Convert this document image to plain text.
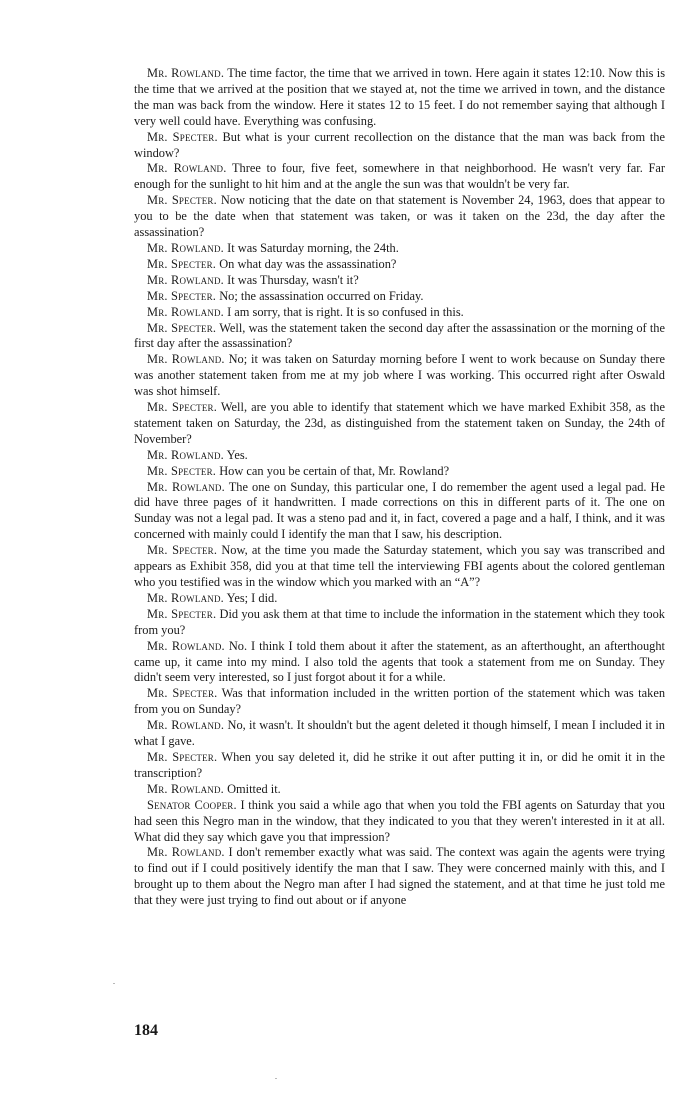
Mr. Rowland. The time factor, the time that we arrived in town. Here again it states 12:10. Now this is the time that we arrived at the position that we stayed at, not the time we arrived in town, and the distance the man was back from the window. Here it states 12 to 15 feet. I do not remember saying that although I very well could have. Everything was confusing.

Mr. Specter. But what is your current recollection on the distance that the man was back from the window?

Mr. Rowland. Three to four, five feet, somewhere in that neighborhood. He wasn't very far. Far enough for the sunlight to hit him and at the angle the sun was that wouldn't be very far.

Mr. Specter. Now noticing that the date on that statement is November 24, 1963, does that appear to you to be the date when that statement was taken, or was it taken on the 23d, the day after the assassination?

Mr. Rowland. It was Saturday morning, the 24th.

Mr. Specter. On what day was the assassination?

Mr. Rowland. It was Thursday, wasn't it?

Mr. Specter. No; the assassination occurred on Friday.

Mr. Rowland. I am sorry, that is right. It is so confused in this.

Mr. Specter. Well, was the statement taken the second day after the assassination or the morning of the first day after the assassination?

Mr. Rowland. No; it was taken on Saturday morning before I went to work because on Sunday there was another statement taken from me at my job where I was working. This occurred right after Oswald was shot himself.

Mr. Specter. Well, are you able to identify that statement which we have marked Exhibit 358, as the statement taken on Saturday, the 23d, as distinguished from the statement taken on Sunday, the 24th of November?

Mr. Rowland. Yes.

Mr. Specter. How can you be certain of that, Mr. Rowland?

Mr. Rowland. The one on Sunday, this particular one, I do remember the agent used a legal pad. He did have three pages of it handwritten. I made corrections on this in different parts of it. The one on Sunday was not a legal pad. It was a steno pad and it, in fact, covered a page and a half, I think, and it was concerned with mainly could I identify the man that I saw, his description.

Mr. Specter. Now, at the time you made the Saturday statement, which you say was transcribed and appears as Exhibit 358, did you at that time tell the interviewing FBI agents about the colored gentleman who you testified was in the window which you marked with an “A”?

Mr. Rowland. Yes; I did.

Mr. Specter. Did you ask them at that time to include the information in the statement which they took from you?

Mr. Rowland. No. I think I told them about it after the statement, as an afterthought, an afterthought came up, it came into my mind. I also told the agents that took a statement from me on Sunday. They didn't seem very interested, so I just forgot about it for a while.

Mr. Specter. Was that information included in the written portion of the statement which was taken from you on Sunday?

Mr. Rowland. No, it wasn't. It shouldn't but the agent deleted it though himself, I mean I included it in what I gave.

Mr. Specter. When you say deleted it, did he strike it out after putting it in, or did he omit it in the transcription?

Mr. Rowland. Omitted it.

Senator Cooper. I think you said a while ago that when you told the FBI agents on Saturday that you had seen this Negro man in the window, that they indicated to you that they weren't interested in it at all. What did they say which gave you that impression?

Mr. Rowland. I don't remember exactly what was said. The context was again the agents were trying to find out if I could positively identify the man that I saw. They were concerned mainly with this, and I brought up to them about the Negro man after I had signed the statement, and at that time he just told me that they were just trying to find out about or if anyone

184
